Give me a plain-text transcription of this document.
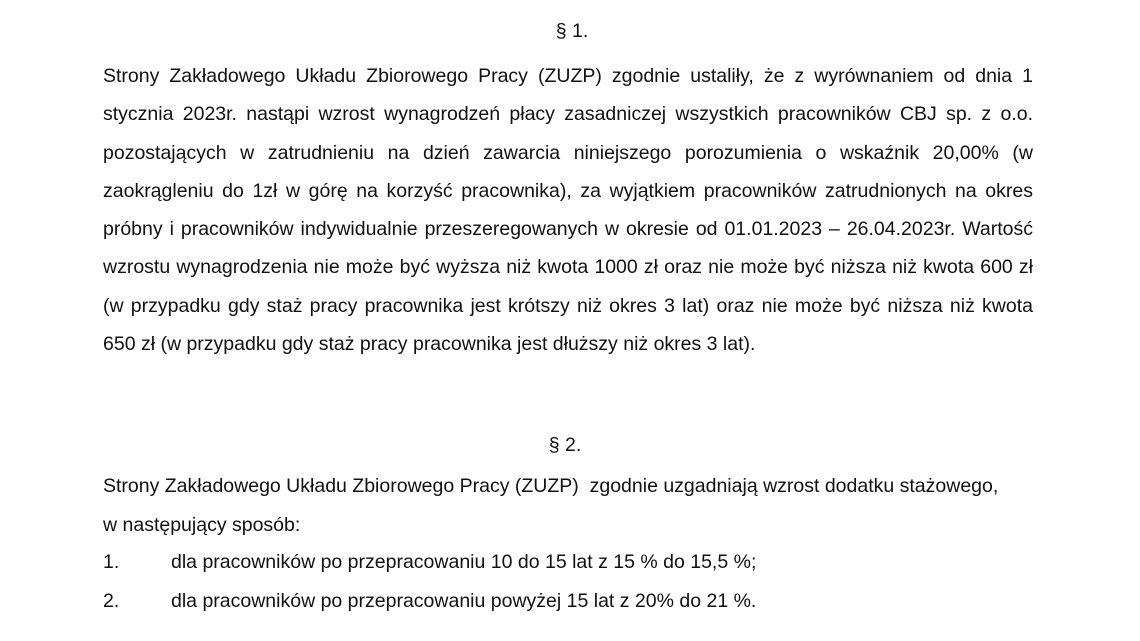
§ 1.

Strony Zakładowego Układu Zbiorowego Pracy (ZUZP) zgodnie ustaliły, że z wyrównaniem od dnia 1 stycznia 2023r. nastąpi wzrost wynagrodzeń płacy zasadniczej wszystkich pracowników CBJ sp. z o.o. pozostających w zatrudnieniu na dzień zawarcia niniejszego porozumienia o wskaźnik 20,00% (w zaokrągleniu do 1zł w górę na korzyść pracownika), za wyjątkiem pracowników zatrudnionych na okres próbny i pracowników indywidualnie przeszeregowanych w okresie od 01.01.2023 – 26.04.2023r. Wartość wzrostu wynagrodzenia nie może być wyższa niż kwota 1000 zł oraz nie może być niższa niż kwota 600 zł (w przypadku gdy staż pracy pracownika jest krótszy niż okres 3 lat) oraz nie może być niższa niż kwota 650 zł (w przypadku gdy staż pracy pracownika jest dłuższy niż okres 3 lat).

§ 2.

Strony Zakładowego Układu Zbiorowego Pracy (ZUZP)  zgodnie uzgadniają wzrost dodatku stażowego, w następujący sposób:

1.	dla pracowników po przepracowaniu 10 do 15 lat z 15 % do 15,5 %;
2.	dla pracowników po przepracowaniu powyżej 15 lat z 20% do 21 %.
